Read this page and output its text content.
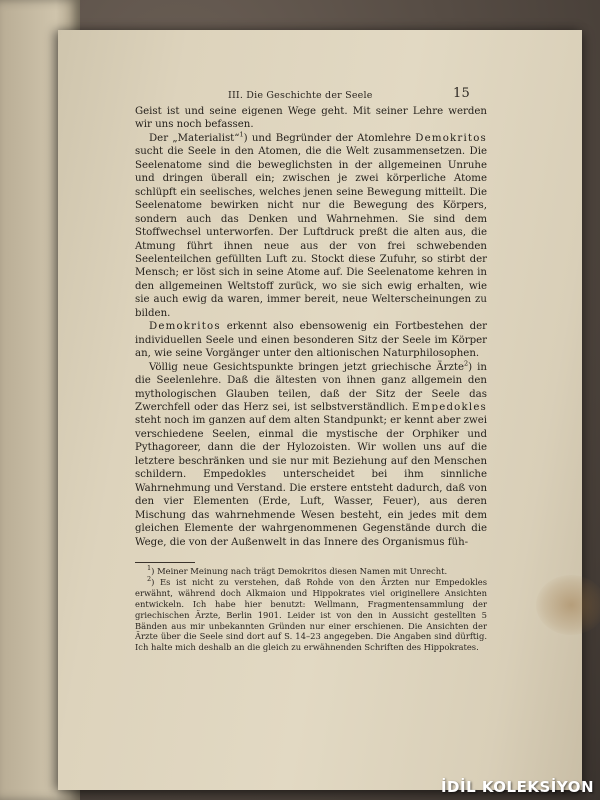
III. Die Geschichte der Seele	15

Geist ist und seine eigenen Wege geht. Mit seiner Lehre werden wir uns noch befassen.

Der „Materialist“$^1$) und Begründer der Atomlehre Demokritos sucht die Seele in den Atomen, die die Welt zusammensetzen. Die Seelenatome sind die beweglichsten in der allgemeinen Unruhe und dringen überall ein; zwischen je zwei körperliche Atome schlüpft ein seelisches, welches jenen seine Bewegung mitteilt. Die Seelenatome bewirken nicht nur die Bewegung des Körpers, sondern auch das Denken und Wahrnehmen. Sie sind dem Stoffwechsel unterworfen. Der Luftdruck preßt die alten aus, die Atmung führt ihnen neue aus der von frei schwebenden Seelenteilchen gefüllten Luft zu. Stockt diese Zufuhr, so stirbt der Mensch; er löst sich in seine Atome auf. Die Seelenatome kehren in den allgemeinen Weltstoff zurück, wo sie sich ewig erhalten, wie sie auch ewig da waren, immer bereit, neue Welterscheinungen zu bilden.

Demokritos erkennt also ebensowenig ein Fortbestehen der individuellen Seele und einen besonderen Sitz der Seele im Körper an, wie seine Vorgänger unter den altionischen Naturphilosophen.

Völlig neue Gesichtspunkte bringen jetzt griechische Ärzte$^2$) in die Seelenlehre. Daß die ältesten von ihnen ganz allgemein den mythologischen Glauben teilen, daß der Sitz der Seele das Zwerchfell oder das Herz sei, ist selbstverständlich. Empedokles steht noch im ganzen auf dem alten Standpunkt; er kennt aber zwei verschiedene Seelen, einmal die mystische der Orphiker und Pythagoreer, dann die der Hylozoisten. Wir wollen uns auf die letztere beschränken und sie nur mit Beziehung auf den Menschen schildern. Empedokles unterscheidet bei ihm sinnliche Wahrnehmung und Verstand. Die erstere entsteht dadurch, daß von den vier Elementen (Erde, Luft, Wasser, Feuer), aus deren Mischung das wahrnehmende Wesen besteht, ein jedes mit dem gleichen Elemente der wahrgenommenen Gegenstände durch die Wege, die von der Außenwelt in das Innere des Organismus füh-

$^1$) Meiner Meinung nach trägt Demokritos diesen Namen mit Unrecht.

$^2$) Es ist nicht zu verstehen, daß Rohde von den Ärzten nur Empedokles erwähnt, während doch Alkmaion und Hippokrates viel originellere Ansichten entwickeln. Ich habe hier benutzt: Wellmann, Fragmentensammlung der griechischen Ärzte, Berlin 1901. Leider ist von den in Aussicht gestellten 5 Bänden aus mir unbekannten Gründen nur einer erschienen. Die Ansichten der Ärzte über die Seele sind dort auf S. 14–23 angegeben. Die Angaben sind dürftig. Ich halte mich deshalb an die gleich zu erwähnenden Schriften des Hippokrates.

İDİL KOLEKSİYON
